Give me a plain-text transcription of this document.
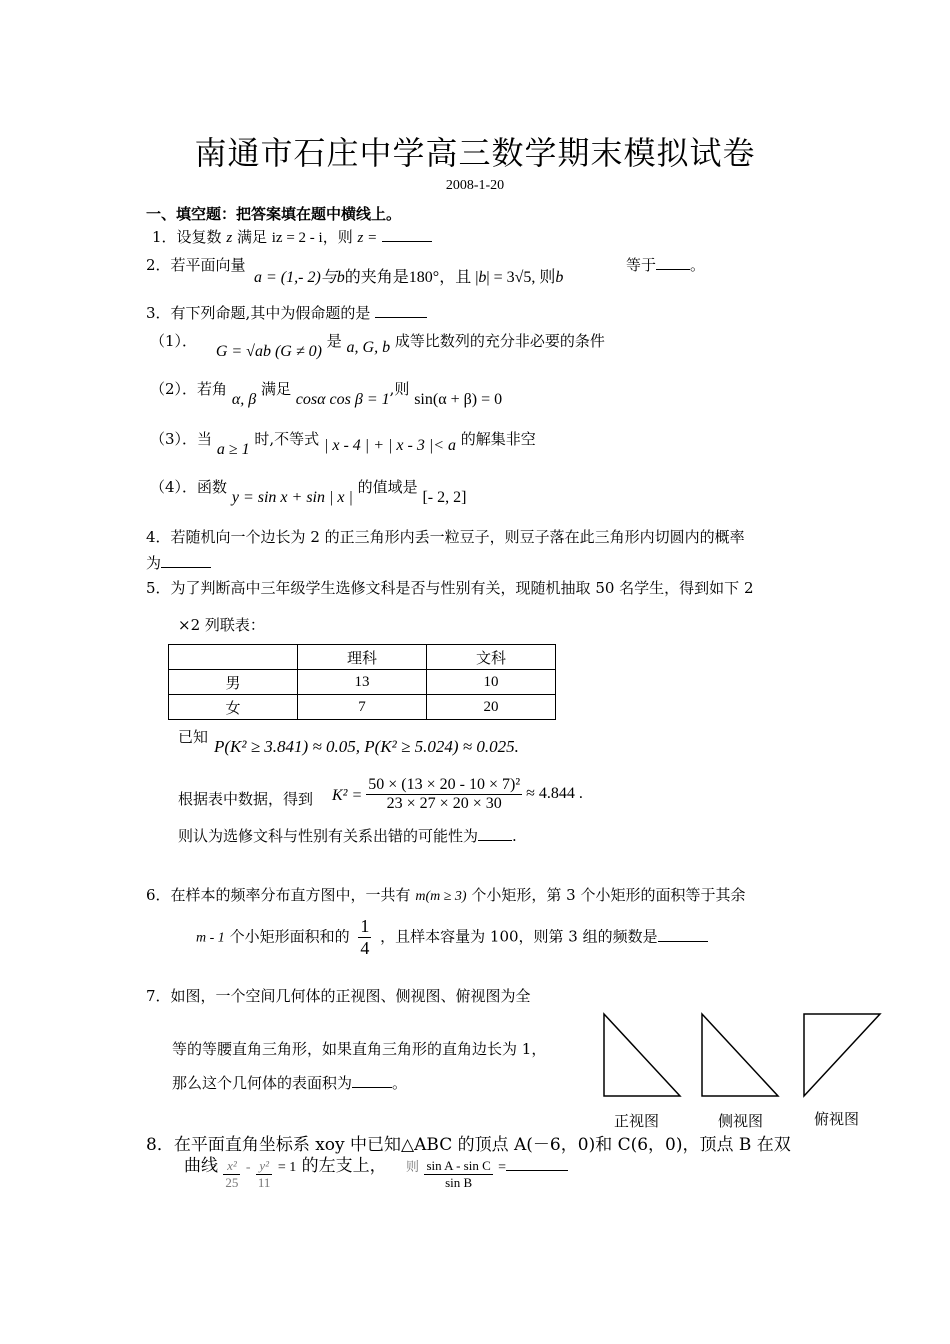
南通市石庄中学高三数学期末模拟试卷
2008-1-20
一、填空题：把答案填在题中横线上。
1．设复数 z 满足 iz = 2 - i，则 z =
2．若平面向量
a = (1,- 2)与b的夹角是180°，且 |b| = 3√5, 则b
等于 。
3．有下列命题,其中为假命题的是
（1）． G = √ab (G ≠ 0) 是 a, G, b 成等比数列的充分非必要的条件
（2）．若角 α, β 满足 cosα cos β = 1,则 sin(α + β) = 0
（3）．当 a ≥ 1 时,不等式 | x - 4 | + | x - 3 |< a 的解集非空
（4）．函数 y = sin x + sin | x | 的值域是 [- 2, 2]
4．若随机向一个边长为 2 的正三角形内丢一粒豆子，则豆子落在此三角形内切圆内的概率
为
5．为了判断高中三年级学生选修文科是否与性别有关，现随机抽取 50 名学生，得到如下 2
×2 列联表：
	理科	文科
男	13	10
女	7	20
已知 P(K² ≥ 3.841) ≈ 0.05, P(K² ≥ 5.024) ≈ 0.025.
根据表中数据，得到 $K^2 = \frac{\text{50 × (13 × 20 - 10 × 7)²}}{23 \times 27 \times 20 \times 30} \approx 4.844$ .
则认为选修文科与性别有关系出错的可能性为 .
6．在样本的频率分布直方图中，一共有 m(m ≥ 3) 个小矩形，第 3 个小矩形的面积等于其余
m - 1 个小矩形面积和的 $\frac{1}{4}$ ，且样本容量为 100，则第 3 组的频数是
7．如图，一个空间几何体的正视图、侧视图、俯视图为全
等的等腰直角三角形，如果直角三角形的直角边长为 1，
那么这个几何体的表面积为	。
正视图	侧视图	俯视图
8．在平面直角坐标系 xoy 中已知△ABC 的顶点 A(－6，0)和 C(6，0)，顶点 B 在双
曲线 $\frac{\text{x²}}{25} ^- \frac{\text{y²}}{11} ^{= 1}$ 的左支上， $^则 \frac{\text{sin A - sin C}}{\text{sin B}} ^=$
